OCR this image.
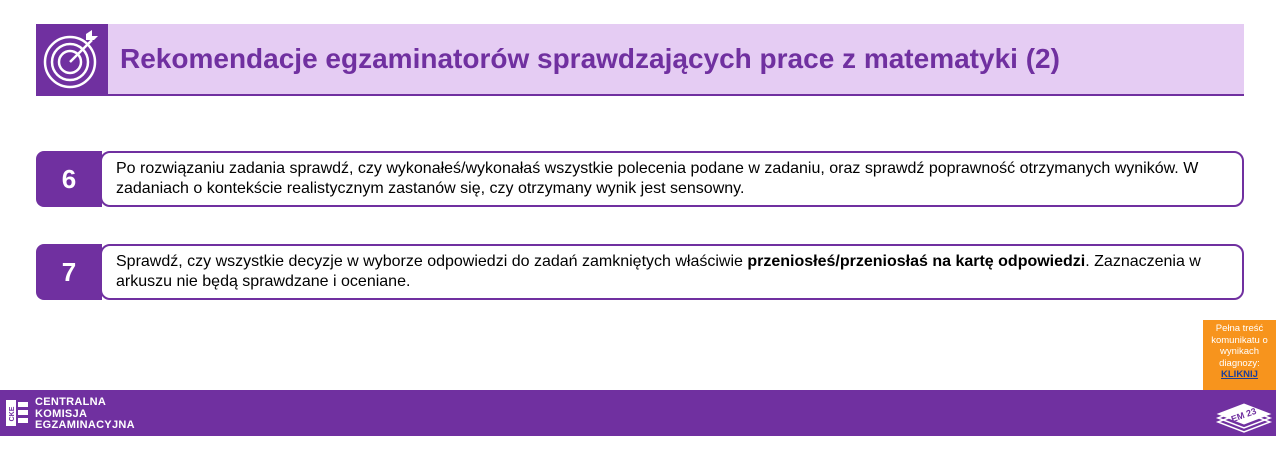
Rekomendacje egzaminatorów sprawdzających prace z matematyki (2)
6	Po rozwiązaniu zadania sprawdź, czy wykonałeś/wykonałaś wszystkie polecenia podane w zadaniu, oraz sprawdź poprawność otrzymanych wyników. W zadaniach o kontekście realistycznym zastanów się, czy otrzymany wynik jest sensowny.
7	Sprawdź, czy wszystkie decyzje w wyborze odpowiedzi do zadań zamkniętych właściwie przeniosłeś/przeniosłaś na kartę odpowiedzi. Zaznaczenia w arkuszu nie będą sprawdzane i oceniane.
Pełna treść komunikatu o wynikach diagnozy:
KLIKNIJ
CKE
CENTRALNA
KOMISJA
EGZAMINACYJNA
EM 23
